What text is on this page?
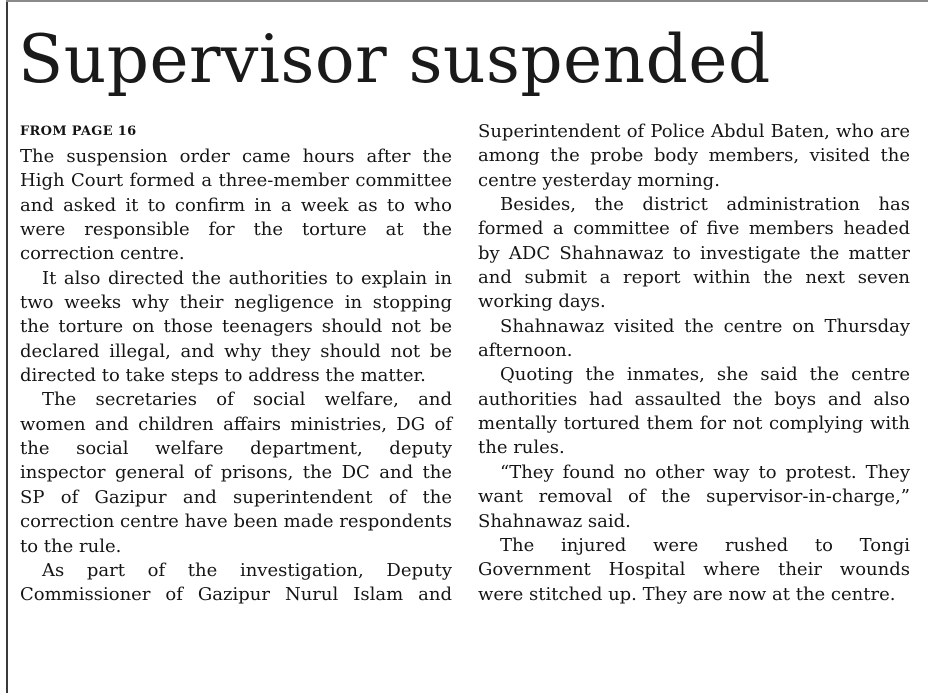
Supervisor suspended
FROM PAGE 16

The suspension order came hours after the High Court formed a three-member committee and asked it to confirm in a week as to who were responsible for the torture at the correction centre.

It also directed the authorities to explain in two weeks why their negligence in stopping the torture on those teenagers should not be declared illegal, and why they should not be directed to take steps to address the matter.

The secretaries of social welfare, and women and children affairs ministries, DG of the social welfare department, deputy inspector general of prisons, the DC and the SP of Gazipur and superintendent of the correction centre have been made respondents to the rule.

As part of the investigation, Deputy Commissioner of Gazipur Nurul Islam and

Superintendent of Police Abdul Baten, who are among the probe body members, visited the centre yesterday morning.

Besides, the district administration has formed a committee of five members headed by ADC Shahnawaz to investigate the matter and submit a report within the next seven working days.

Shahnawaz visited the centre on Thursday afternoon.

Quoting the inmates, she said the centre authorities had assaulted the boys and also mentally tortured them for not complying with the rules.

“They found no other way to protest. They want removal of the supervisor-in-charge,” Shahnawaz said.

The injured were rushed to Tongi Government Hospital where their wounds were stitched up. They are now at the centre.
